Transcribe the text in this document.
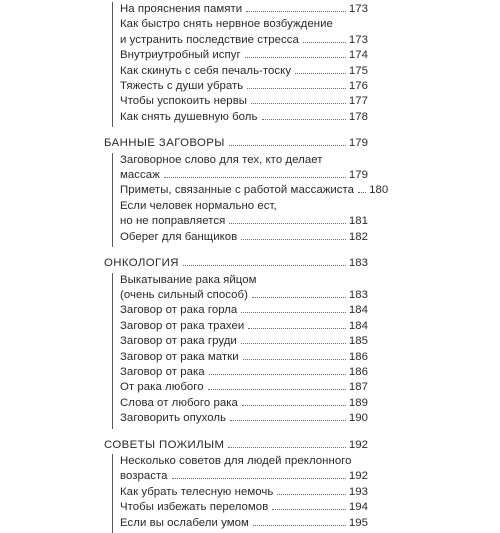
На прояснения памяти	173
Как быстро снять нервное возбуждение
и устранить последствие стресса	173
Внутриутробный испуг	174
Как скинуть с себя печаль-тоску	175
Тяжесть с души убрать	176
Чтобы успокоить нервы	177
Как снять душевную боль	178
БАННЫЕ ЗАГОВОРЫ	179
Заговорное слово для тех, кто делает
массаж	179
Приметы, связанные с работой массажиста 180
Если человек нормально ест,
но не поправляется	181
Оберег для банщиков	182
ОНКОЛОГИЯ	183
Выкатывание рака яйцом
(очень сильный способ)	183
Заговор от рака горла	184
Заговор от рака трахеи	184
Заговор от рака груди	185
Заговор от рака матки	186
Заговор от рака	186
От рака любого	187
Слова от любого рака	189
Заговорить опухоль	190
СОВЕТЫ ПОЖИЛЫМ	192
Несколько советов для людей преклонного
возраста	192
Как убрать телесную немочь	193
Чтобы избежать переломов	194
Если вы ослабели умом	195
